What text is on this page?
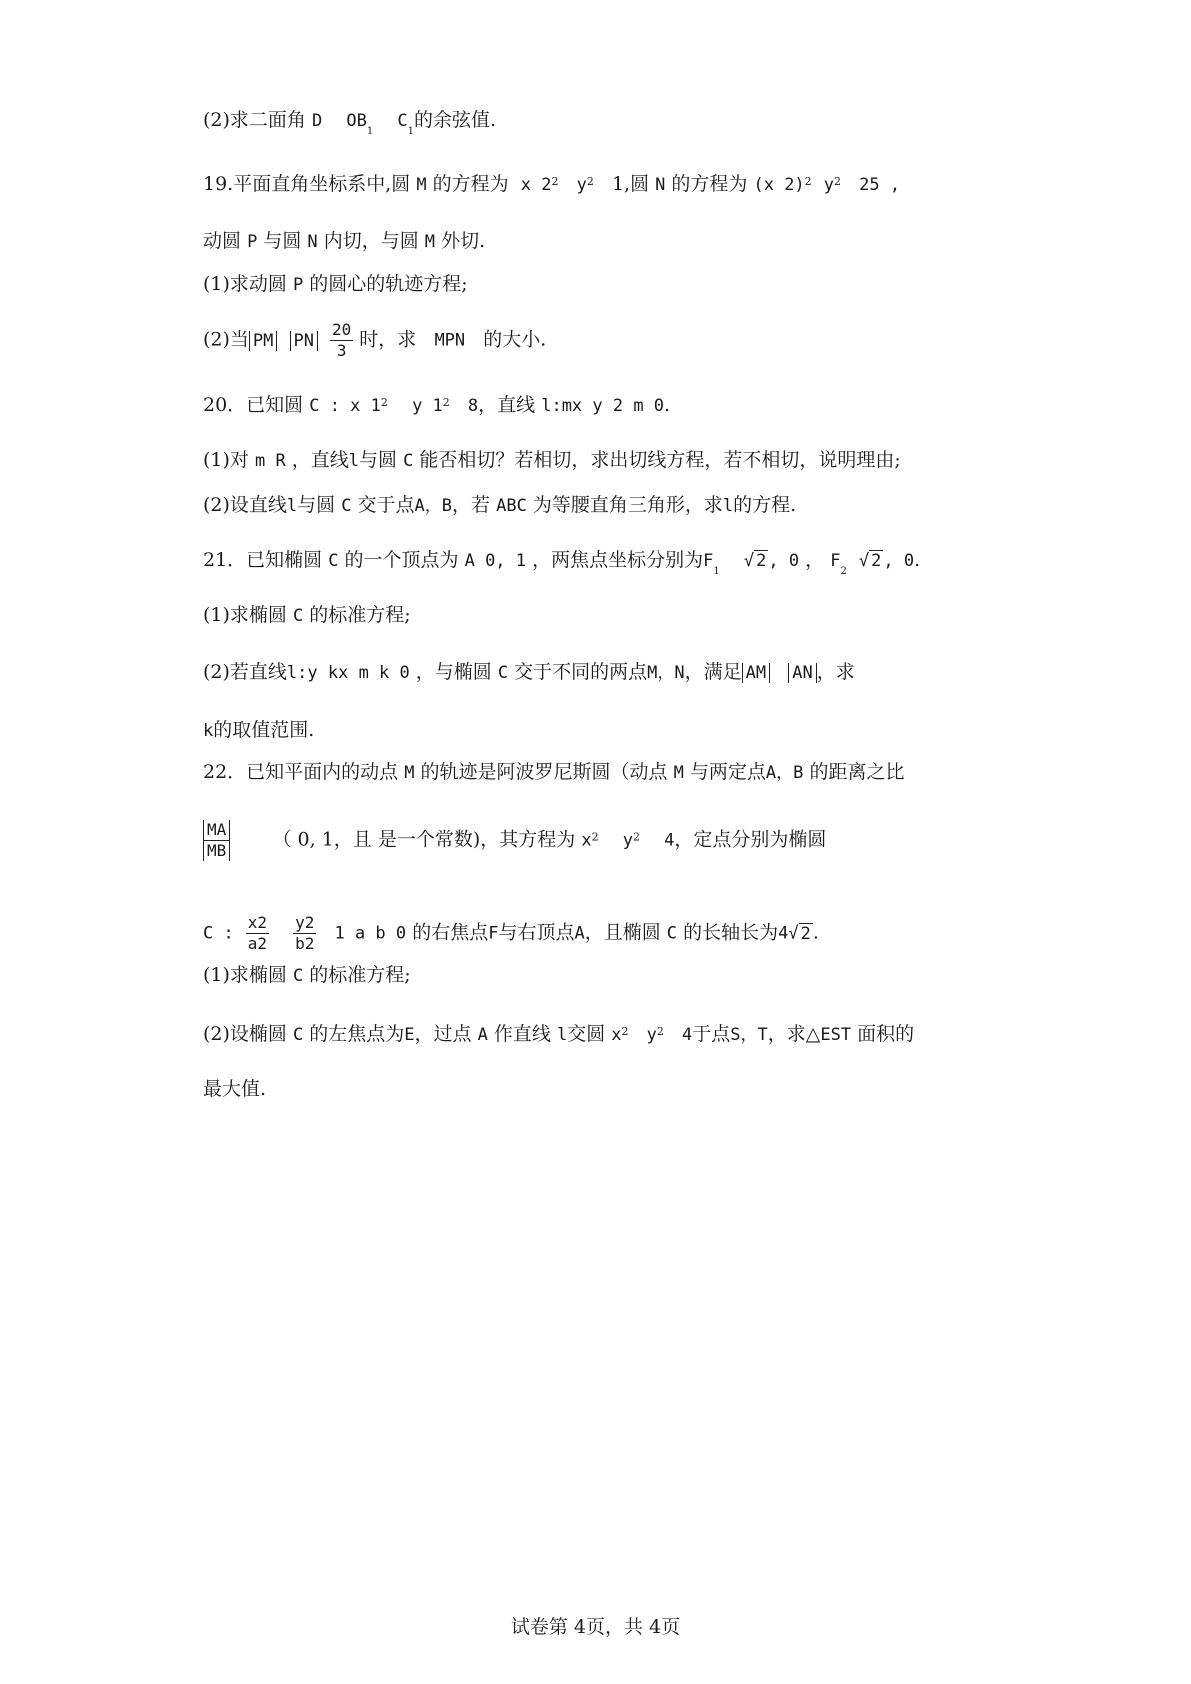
(2)求二面角 D $OB_1$    $C_1$的余弦值.
19.平面直角坐标系中,圆 M 的方程为 x $2^2$ $y^2$ 1,圆 N 的方程为 (x 2)$^2$ $y^2$ 25 ,
动圆 P 与圆 N 内切，与圆 M 外切.
(1)求动圆 P 的圆心的轨迹方程;
(2)当 PM PN $\frac{20}{3}$ 时，求 MPN 的大小.
20．已知圆 C : x $1^2$ y $1^2$ 8，直线 l:mx y 2 m 0.
(1)对 m R ，直线l与圆 C 能否相切？若相切，求出切线方程，若不相切，说明理由;
(2)设直线l与圆 C 交于点A，B，若 ABC 为等腰直角三角形，求l的方程.
21．已知椭圆 C 的一个顶点为 A 0, 1 ，两焦点坐标分别为$F_1$    √ 2 , 0 ， $F_2$  √ 2 , 0.
(1)求椭圆 C 的标准方程;
(2)若直线l:y kx m k 0 ，与椭圆 C 交于不同的两点M，N，满足 AM AN ，求
k的取值范围.
22．已知平面内的动点 M 的轨迹是阿波罗尼斯圆（动点 M 与两定点A，B 的距离之比
$\frac{MA}{MB}$ （ 0, 1，且 是一个常数)，其方程为 $x^2$ $y^2$ 4，定点分别为椭圆
C : $\frac{x2}{a2}$
$\frac{y2}{b2} 1$ a b 0 的右焦点F与右顶点A，且椭圆 C 的长轴长为4√ 2 .
(1)求椭圆 C 的标准方程;
(2)设椭圆 C 的左焦点为E，过点 A 作直线 l交圆 $x^2$ $y^2$ 4于点S，T，求△EST 面积的
最大值.
试卷第 4页，共 4页
